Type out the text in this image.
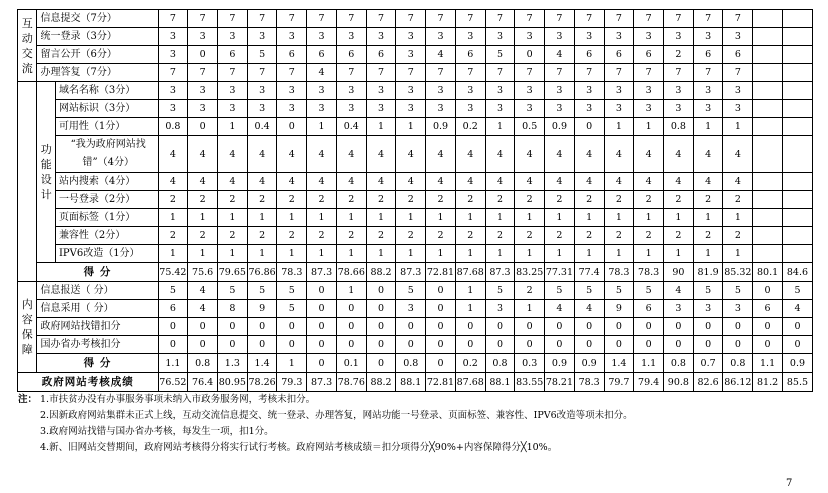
互动交流	信息提交（7分）		7	7	7	7	7	7	7	7	7	7	7	7	7	7	7	7	7	7	7	7		
	统一登录（3分）		3	3	3	3	3	3	3	3	3	3	3	3	3	3	3	3	3	3	3	3		
	留言公开（6分）		3	0	6	5	6	6	6	6	3	4	6	5	0	4	6	6	6	2	6	6		
	办理答复（7分）		7	7	7	7	7	4	7	7	7	7	7	7	7	7	7	7	7	7	7	7		
	功能设计	域名名称（3分）	3	3	3	3	3	3	3	3	3	3	3	3	3	3	3	3	3	3	3	3		
		网站标识（3分）	3	3	3	3	3	3	3	3	3	3	3	3	3	3	3	3	3	3	3	3		
		可用性（1分）	0.8	0	1	0.4	0	1	0.4	1	1	0.9	0.2	1	0.5	0.9	0	1	1	0.8	1	1		
		“我为政府网站找错”（4分）	4	4	4	4	4	4	4	4	4	4	4	4	4	4	4	4	4	4	4	4		
		站内搜索（4分）	4	4	4	4	4	4	4	4	4	4	4	4	4	4	4	4	4	4	4	4		
		一号登录（2分）	2	2	2	2	2	2	2	2	2	2	2	2	2	2	2	2	2	2	2	2		
		页面标签（1分）	1	1	1	1	1	1	1	1	1	1	1	1	1	1	1	1	1	1	1	1		
		兼容性（2分）	2	2	2	2	2	2	2	2	2	2	2	2	2	2	2	2	2	2	2	2		
		IPV6改造（1分）	1	1	1	1	1	1	1	1	1	1	1	1	1	1	1	1	1	1	1	1		
	得 分		75.42	75.6	79.65	76.86	78.3	87.3	78.66	88.2	87.3	72.81	87.68	87.3	83.25	77.31	77.4	78.3	78.3	90	81.9	85.32	80.1	84.6
内容保障	信息报送（ 分）		5	4	5	5	5	0	1	0	5	0	1	5	2	5	5	5	5	4	5	5	0	5
	信息采用（ 分）		6	4	8	9	5	0	0	0	3	0	1	3	1	4	4	9	6	3	3	3	6	4
	政府网站找错扣分		0	0	0	0	0	0	0	0	0	0	0	0	0	0	0	0	0	0	0	0	0	0
	国办省办考核扣分		0	0	0	0	0	0	0	0	0	0	0	0	0	0	0	0	0	0	0	0	0	0
	得 分		1.1	0.8	1.3	1.4	1	0	0.1	0	0.8	0	0.2	0.8	0.3	0.9	0.9	1.4	1.1	0.8	0.7	0.8	1.1	0.9
政府网站考核成绩			76.52	76.4	80.95	78.26	79.3	87.3	78.76	88.2	88.1	72.81	87.68	88.1	83.55	78.21	78.3	79.7	79.4	90.8	82.6	86.12	81.2	85.5
注： 1.市扶贫办没有办事服务事项未纳入市政务服务网，考核未扣分。
2.因新政府网站集群未正式上线，互动交流信息提交、统一登录、办理答复，网站功能一号登录、页面标签、兼容性、IPV6改造等项未扣分。
3.政府网站找错与国办省办考核，每发生一项，扣1分。
4.新、旧网站交替期间，政府网站考核得分将实行试行考核。政府网站考核成绩＝扣分项得分╳90%+内容保障得分╳10%。
7
